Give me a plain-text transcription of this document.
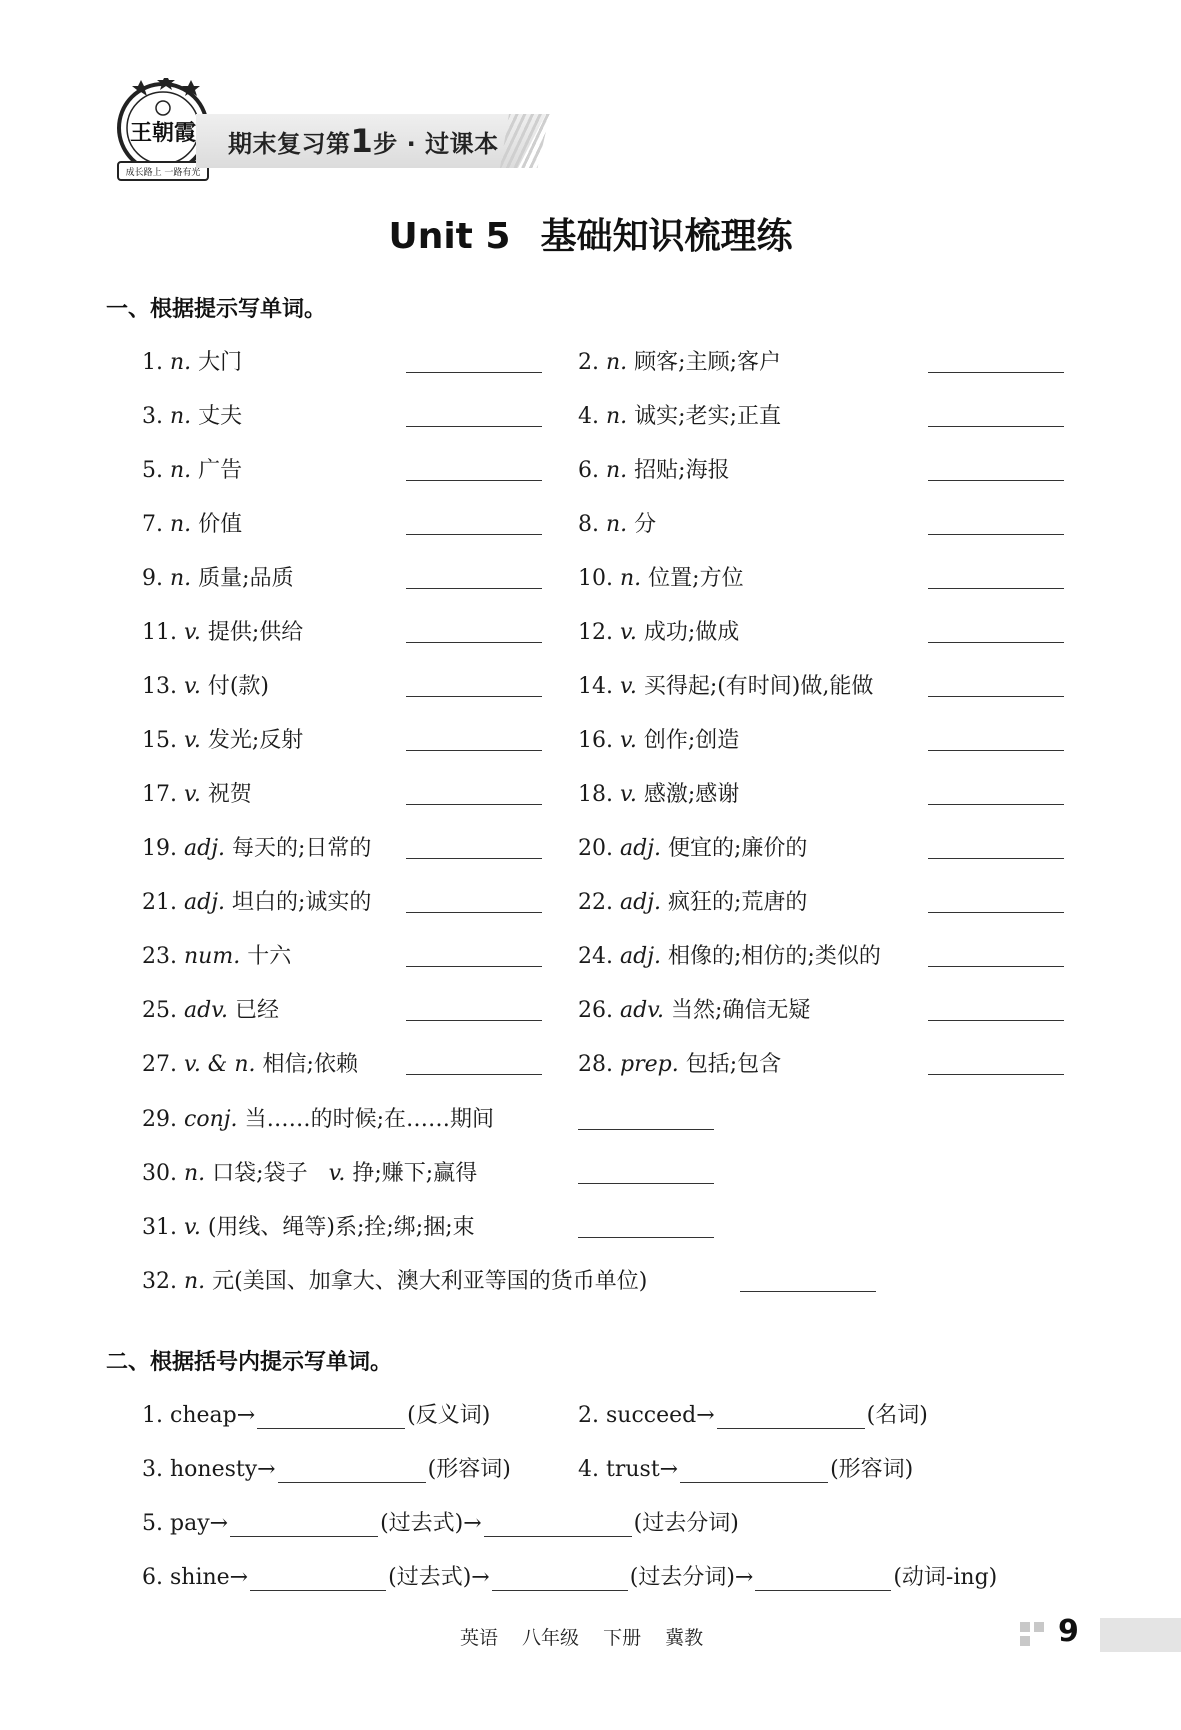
王朝霞
成长路上 一路有光
期末复习第1步 · 过课本
Unit 5 基础知识梳理练
一、根据提示写单词。
1. n. 大门	2. n. 顾客;主顾;客户
3. n. 丈夫	4. n. 诚实;老实;正直
5. n. 广告	6. n. 招贴;海报
7. n. 价值	8. n. 分
9. n. 质量;品质	10. n. 位置;方位
11. v. 提供;供给	12. v. 成功;做成
13. v. 付(款)	14. v. 买得起;(有时间)做,能做
15. v. 发光;反射	16. v. 创作;创造
17. v. 祝贺	18. v. 感激;感谢
19. adj. 每天的;日常的	20. adj. 便宜的;廉价的
21. adj. 坦白的;诚实的	22. adj. 疯狂的;荒唐的
23. num. 十六	24. adj. 相像的;相仿的;类似的
25. adv. 已经	26. adv. 当然;确信无疑
27. v. & n. 相信;依赖	28. prep. 包括;包含
29. conj. 当……的时候;在……期间
30. n. 口袋;袋子 v. 挣;赚下;赢得
31. v. (用线、绳等)系;拴;绑;捆;束
32. n. 元(美国、加拿大、澳大利亚等国的货币单位)
二、根据括号内提示写单词。
1. cheap→	(反义词)	2. succeed→	(名词)
3. honesty→	(形容词)	4. trust→	(形容词)
5. pay→	(过去式)→	(过去分词)
6. shine→	(过去式)→	(过去分词)→	(动词-ing)
英语 八年级 下册 冀教	9
